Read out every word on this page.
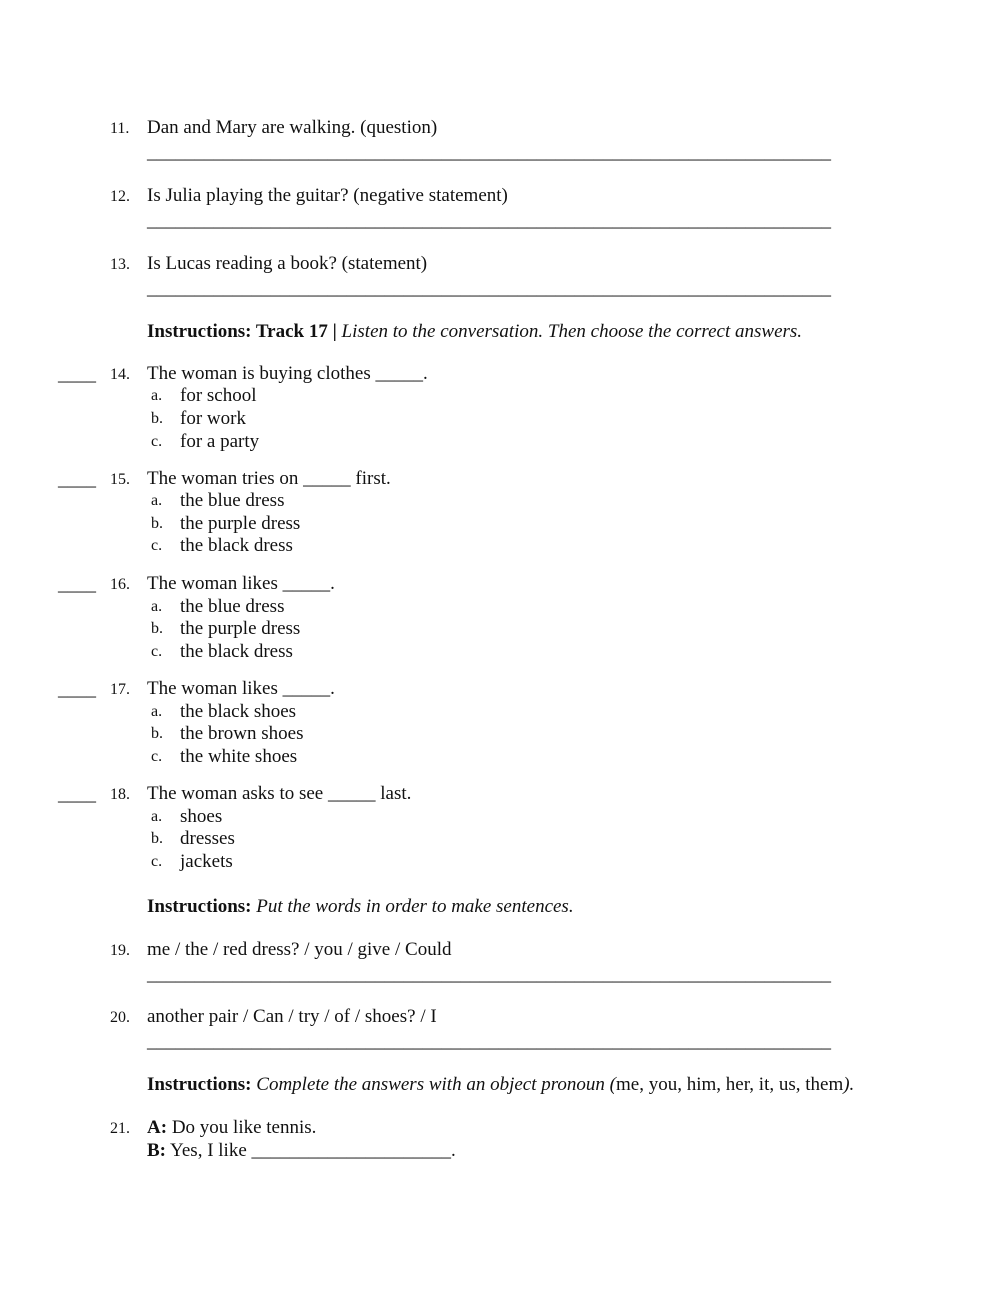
11. Dan and Mary are walking. (question)
________________________________________________________________________
12. Is Julia playing the guitar? (negative statement)
________________________________________________________________________
13. Is Lucas reading a book? (statement)
________________________________________________________________________
Instructions: Track 17 | Listen to the conversation. Then choose the correct answers.
____ 14. The woman is buying clothes _____.
a. for school
b. for work
c. for a party
____ 15. The woman tries on _____ first.
a. the blue dress
b. the purple dress
c. the black dress
____ 16. The woman likes _____.
a. the blue dress
b. the purple dress
c. the black dress
____ 17. The woman likes _____.
a. the black shoes
b. the brown shoes
c. the white shoes
____ 18. The woman asks to see _____ last.
a. shoes
b. dresses
c. jackets
Instructions: Put the words in order to make sentences.
19. me / the / red dress? / you / give / Could
________________________________________________________________________
20. another pair / Can / try / of / shoes? / I
________________________________________________________________________
Instructions: Complete the answers with an object pronoun (me, you, him, her, it, us, them).
21. A: Do you like tennis.
B: Yes, I like _____________________.
